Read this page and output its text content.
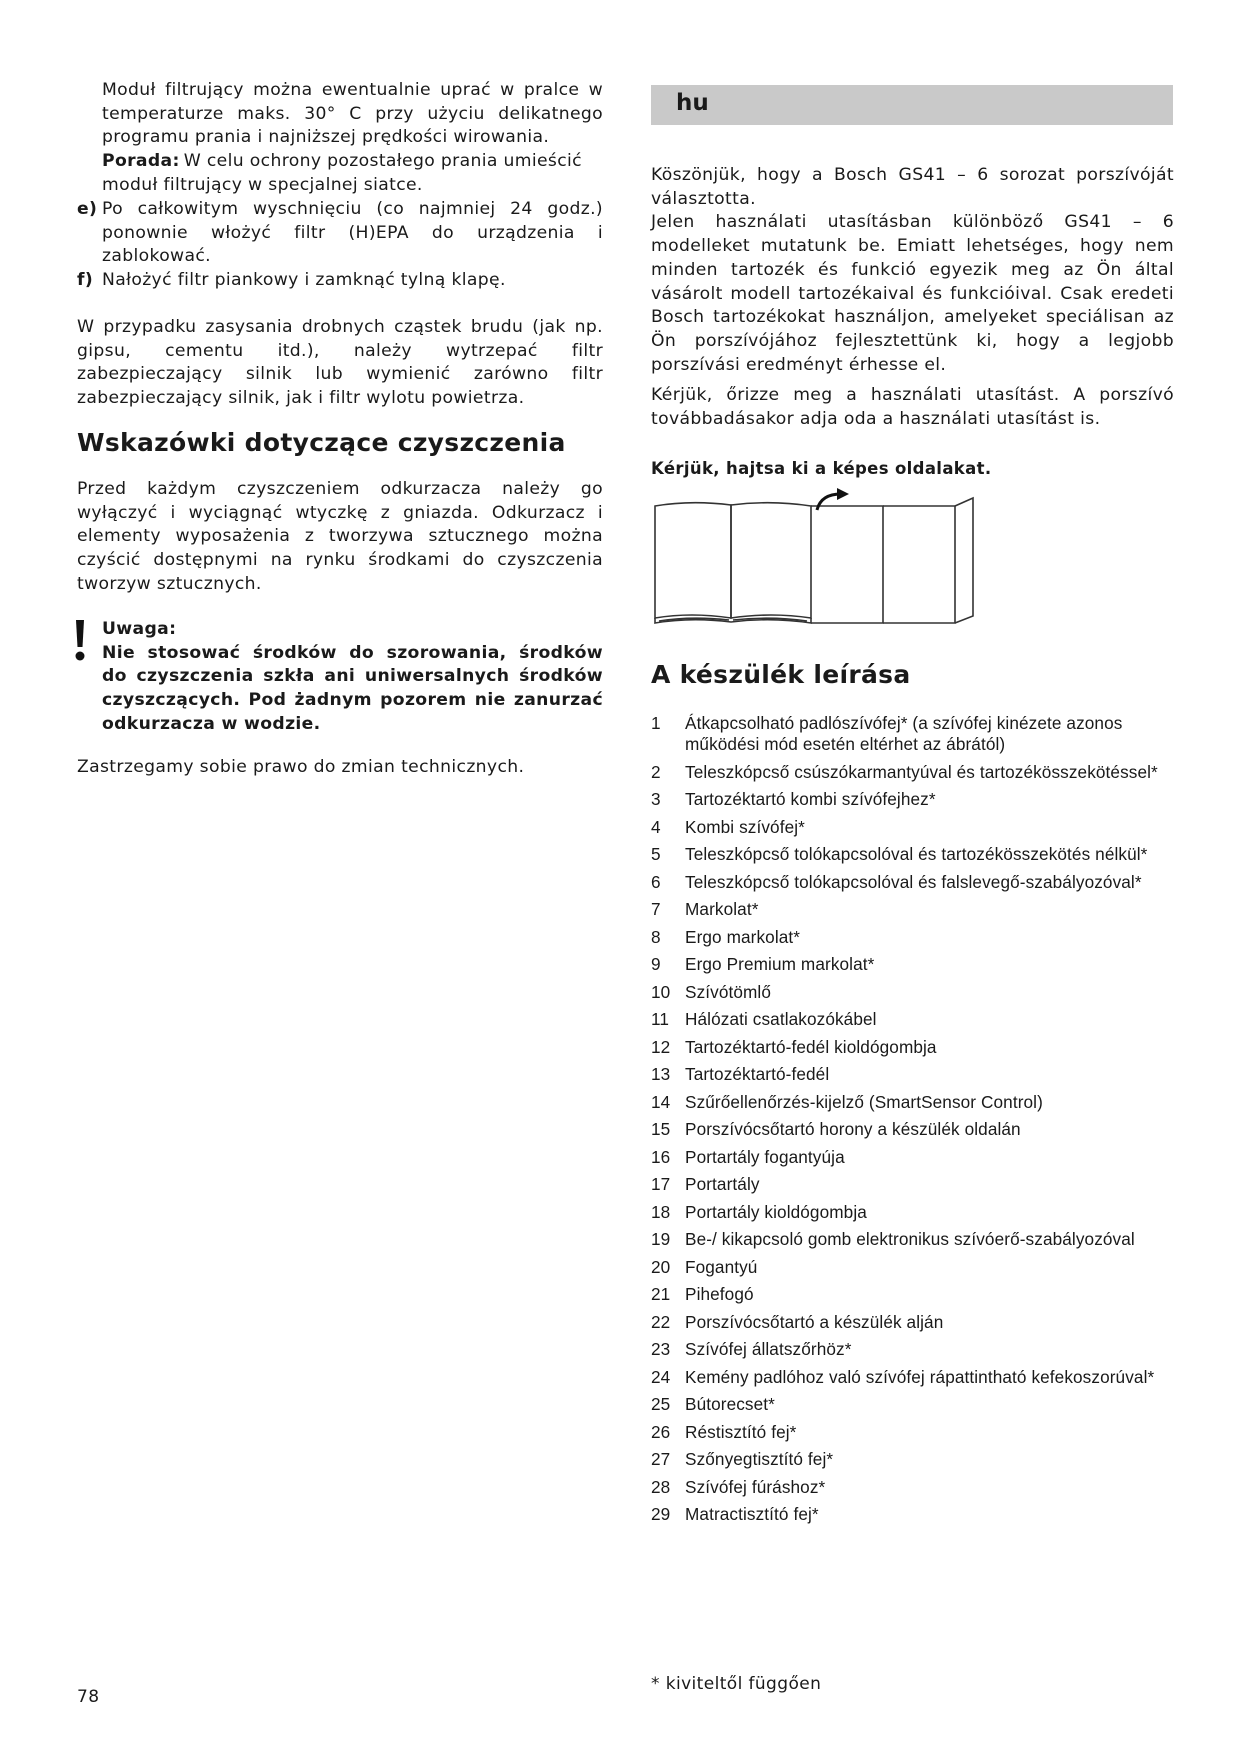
Moduł filtrujący można ewentualnie uprać w pralce w temperaturze maks. 30° C przy użyciu delikatnego programu prania i najniższej prędkości wirowania.

Porada: W celu ochrony pozostałego prania umieścić moduł filtrujący w specjalnej siatce.

e) Po całkowitym wyschnięciu (co najmniej 24 godz.) ponownie włożyć filtr (H)EPA do urządzenia i zablokować.
f) Nałożyć filtr piankowy i zamknąć tylną klapę.

W przypadku zasysania drobnych cząstek brudu (jak np. gipsu, cementu itd.), należy wytrzepać filtr zabezpieczający silnik lub wymienić zarówno filtr zabezpieczający silnik, jak i filtr wylotu powietrza.

Wskazówki dotyczące czyszczenia

Przed każdym czyszczeniem odkurzacza należy go wyłączyć i wyciągnąć wtyczkę z gniazda. Odkurzacz i elementy wyposażenia z tworzywa sztucznego można czyścić dostępnymi na rynku środkami do czyszczenia tworzyw sztucznych.

Uwaga:

Nie stosować środków do szorowania, środków do czyszczenia szkła ani uniwersalnych środków czyszczących. Pod żadnym pozorem nie zanurzać odkurzacza w wodzie.

Zastrzegamy sobie prawo do zmian technicznych.

hu

Köszönjük, hogy a Bosch GS41 – 6 sorozat porszívóját választotta.

Jelen használati utasításban különböző GS41 – 6 modelleket mutatunk be. Emiatt lehetséges, hogy nem minden tartozék és funkció egyezik meg az Ön által vásárolt modell tartozékaival és funkcióival. Csak eredeti Bosch tartozékokat használjon, amelyeket speciálisan az Ön porszívójához fejlesztettünk ki, hogy a legjobb porszívási eredményt érhesse el.

Kérjük, őrizze meg a használati utasítást. A porszívó továbbadásakor adja oda a használati utasítást is.

Kérjük, hajtsa ki a képes oldalakat.

A készülék leírása
1	Átkapcsolható padlószívófej* (a szívófej kinézete azonos működési mód esetén eltérhet az ábrától)
2	Teleszkópcső csúszókarmantyúval és tartozékösszekötéssel*
3	Tartozéktartó kombi szívófejhez*
4	Kombi szívófej*
5	Teleszkópcső tolókapcsolóval és tartozékösszekötés nélkül*
6	Teleszkópcső tolókapcsolóval és falslevegő-szabályozóval*
7	Markolat*
8	Ergo markolat*
9	Ergo Premium markolat*
10 Szívótömlő
11 Hálózati csatlakozókábel
12 Tartozéktartó-fedél kioldógombja
13 Tartozéktartó-fedél
14 Szűrőellenőrzés-kijelző (SmartSensor Control)
15 Porszívócsőtartó horony a készülék oldalán
16 Portartály fogantyúja
17 Portartály
18 Portartály kioldógombja
19 Be-/ kikapcsoló gomb elektronikus szívóerő-szabályozóval
20 Fogantyú
21 Pihefogó
22 Porszívócsőtartó a készülék alján
23 Szívófej állatszőrhöz*
24 Kemény padlóhoz való szívófej rápattintható kefekoszorúval*
25 Bútorecset*
26 Réstisztító fej*
27 Szőnyegtisztító fej*
28 Szívófej fúráshoz*
29 Matractisztító fej*
78
* kiviteltől függően
